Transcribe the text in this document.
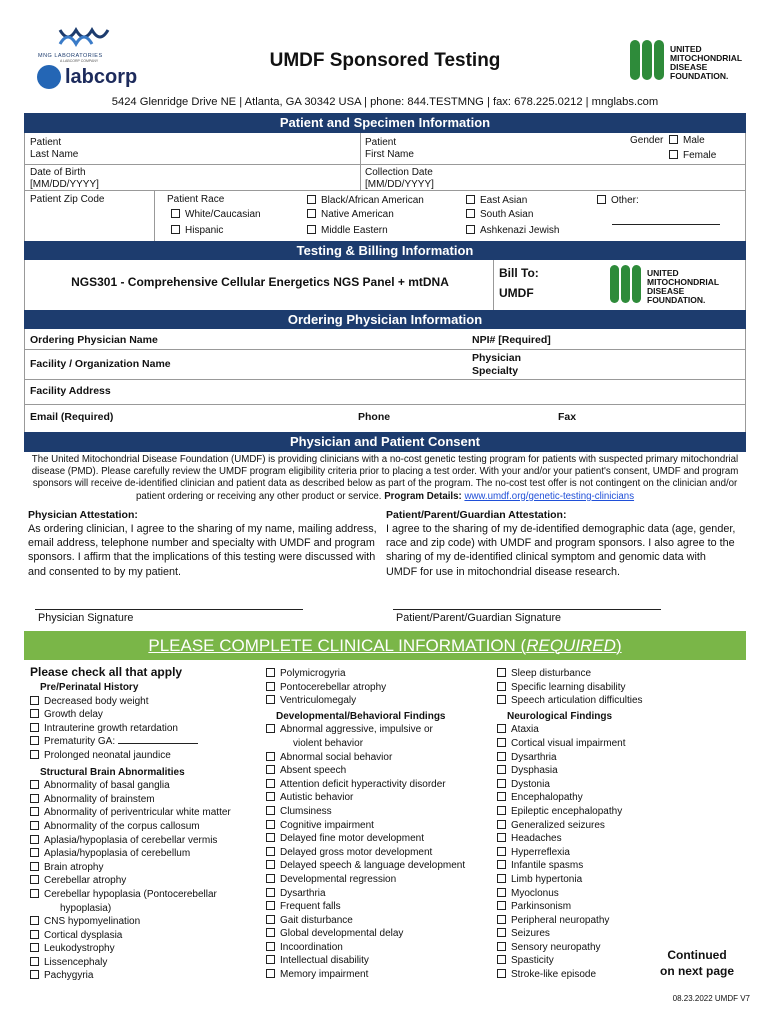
MNG LABORATORIES
A LABCORP COMPANY
labcorp
UMDF Sponsored Testing
UNITED
MITOCHONDRIAL
DISEASE
FOUNDATION.
5424 Glenridge Drive NE | Atlanta, GA 30342 USA | phone: 844.TESTMNG | fax: 678.225.0212 | mnglabs.com
Patient and Specimen Information
Patient
Last Name
Patient
First Name
Gender	Male
Female
Date of Birth
[MM/DD/YYYY]
Collection Date
[MM/DD/YYYY]
Patient Zip Code	Patient Race
White/Caucasian
Hispanic
Black/African American
Native American
Middle Eastern
East Asian
South Asian
Ashkenazi Jewish
Other:
Testing & Billing Information
NGS301 - Comprehensive Cellular Energetics NGS Panel + mtDNA
Bill To:
UMDF
UNITED
MITOCHONDRIAL
DISEASE
FOUNDATION.
Ordering Physician Information
Ordering Physician Name	NPI# [Required]
Facility / Organization Name	Physician
Specialty
Facility Address
Email (Required)	Phone	Fax
Physician and Patient Consent
The United Mitochondrial Disease Foundation (UMDF) is providing clinicians with a no-cost genetic testing program for patients with suspected primary mitochondrial disease (PMD). Please carefully review the UMDF program eligibility criteria prior to placing a test order. With your and/or your patient's consent, UMDF and program sponsors will receive de-identified clinician and patient data as described below as part of the program. The no-cost test offer is not contingent on the clinician and/or patient ordering or receiving any other product or service. Program Details: www.umdf.org/genetic-testing-clinicians
Physician Attestation:
As ordering clinician, I agree to the sharing of my name, mailing address, email address, telephone number and specialty with UMDF and program sponsors. I affirm that the implications of this testing were discussed with and consented to by my patient.
Patient/Parent/Guardian Attestation:
I agree to the sharing of my de-identified demographic data (age, gender, race and zip code) with UMDF and program sponsors. I also agree to the sharing of my de-identified clinical symptom and genomic data with UMDF for use in mitochondrial disease research.
Physician Signature	Patient/Parent/Guardian Signature
PLEASE COMPLETE CLINICAL INFORMATION (REQUIRED)
Please check all that apply
Pre/Perinatal History
Decreased body weight
Growth delay
Intrauterine growth retardation
Prematurity GA:
Prolonged neonatal jaundice
Structural Brain Abnormalities
Abnormality of basal ganglia
Abnormality of brainstem
Abnormality of periventricular white matter
Abnormality of the corpus callosum
Aplasia/hypoplasia of cerebellar vermis
Aplasia/hypoplasia of cerebellum
Brain atrophy
Cerebellar atrophy
Cerebellar hypoplasia (Pontocerebellar
hypoplasia)
CNS hypomyelination
Cortical dysplasia
Leukodystrophy
Lissencephaly
Pachygyria
Polymicrogyria
Pontocerebellar atrophy
Ventriculomegaly
Developmental/Behavioral Findings
Abnormal aggressive, impulsive or
violent behavior
Abnormal social behavior
Absent speech
Attention deficit hyperactivity disorder
Autistic behavior
Clumsiness
Cognitive impairment
Delayed fine motor development
Delayed gross motor development
Delayed speech & language development
Developmental regression
Dysarthria
Frequent falls
Gait disturbance
Global developmental delay
Incoordination
Intellectual disability
Memory impairment
Sleep disturbance
Specific learning disability
Speech articulation difficulties
Neurological Findings
Ataxia
Cortical visual impairment
Dysarthria
Dysphasia
Dystonia
Encephalopathy
Epileptic encephalopathy
Generalized seizures
Headaches
Hyperreflexia
Infantile spasms
Limb hypertonia
Myoclonus
Parkinsonism
Peripheral neuropathy
Seizures
Sensory neuropathy
Spasticity
Stroke-like episode
Continued
on next page
08.23.2022 UMDF V7
